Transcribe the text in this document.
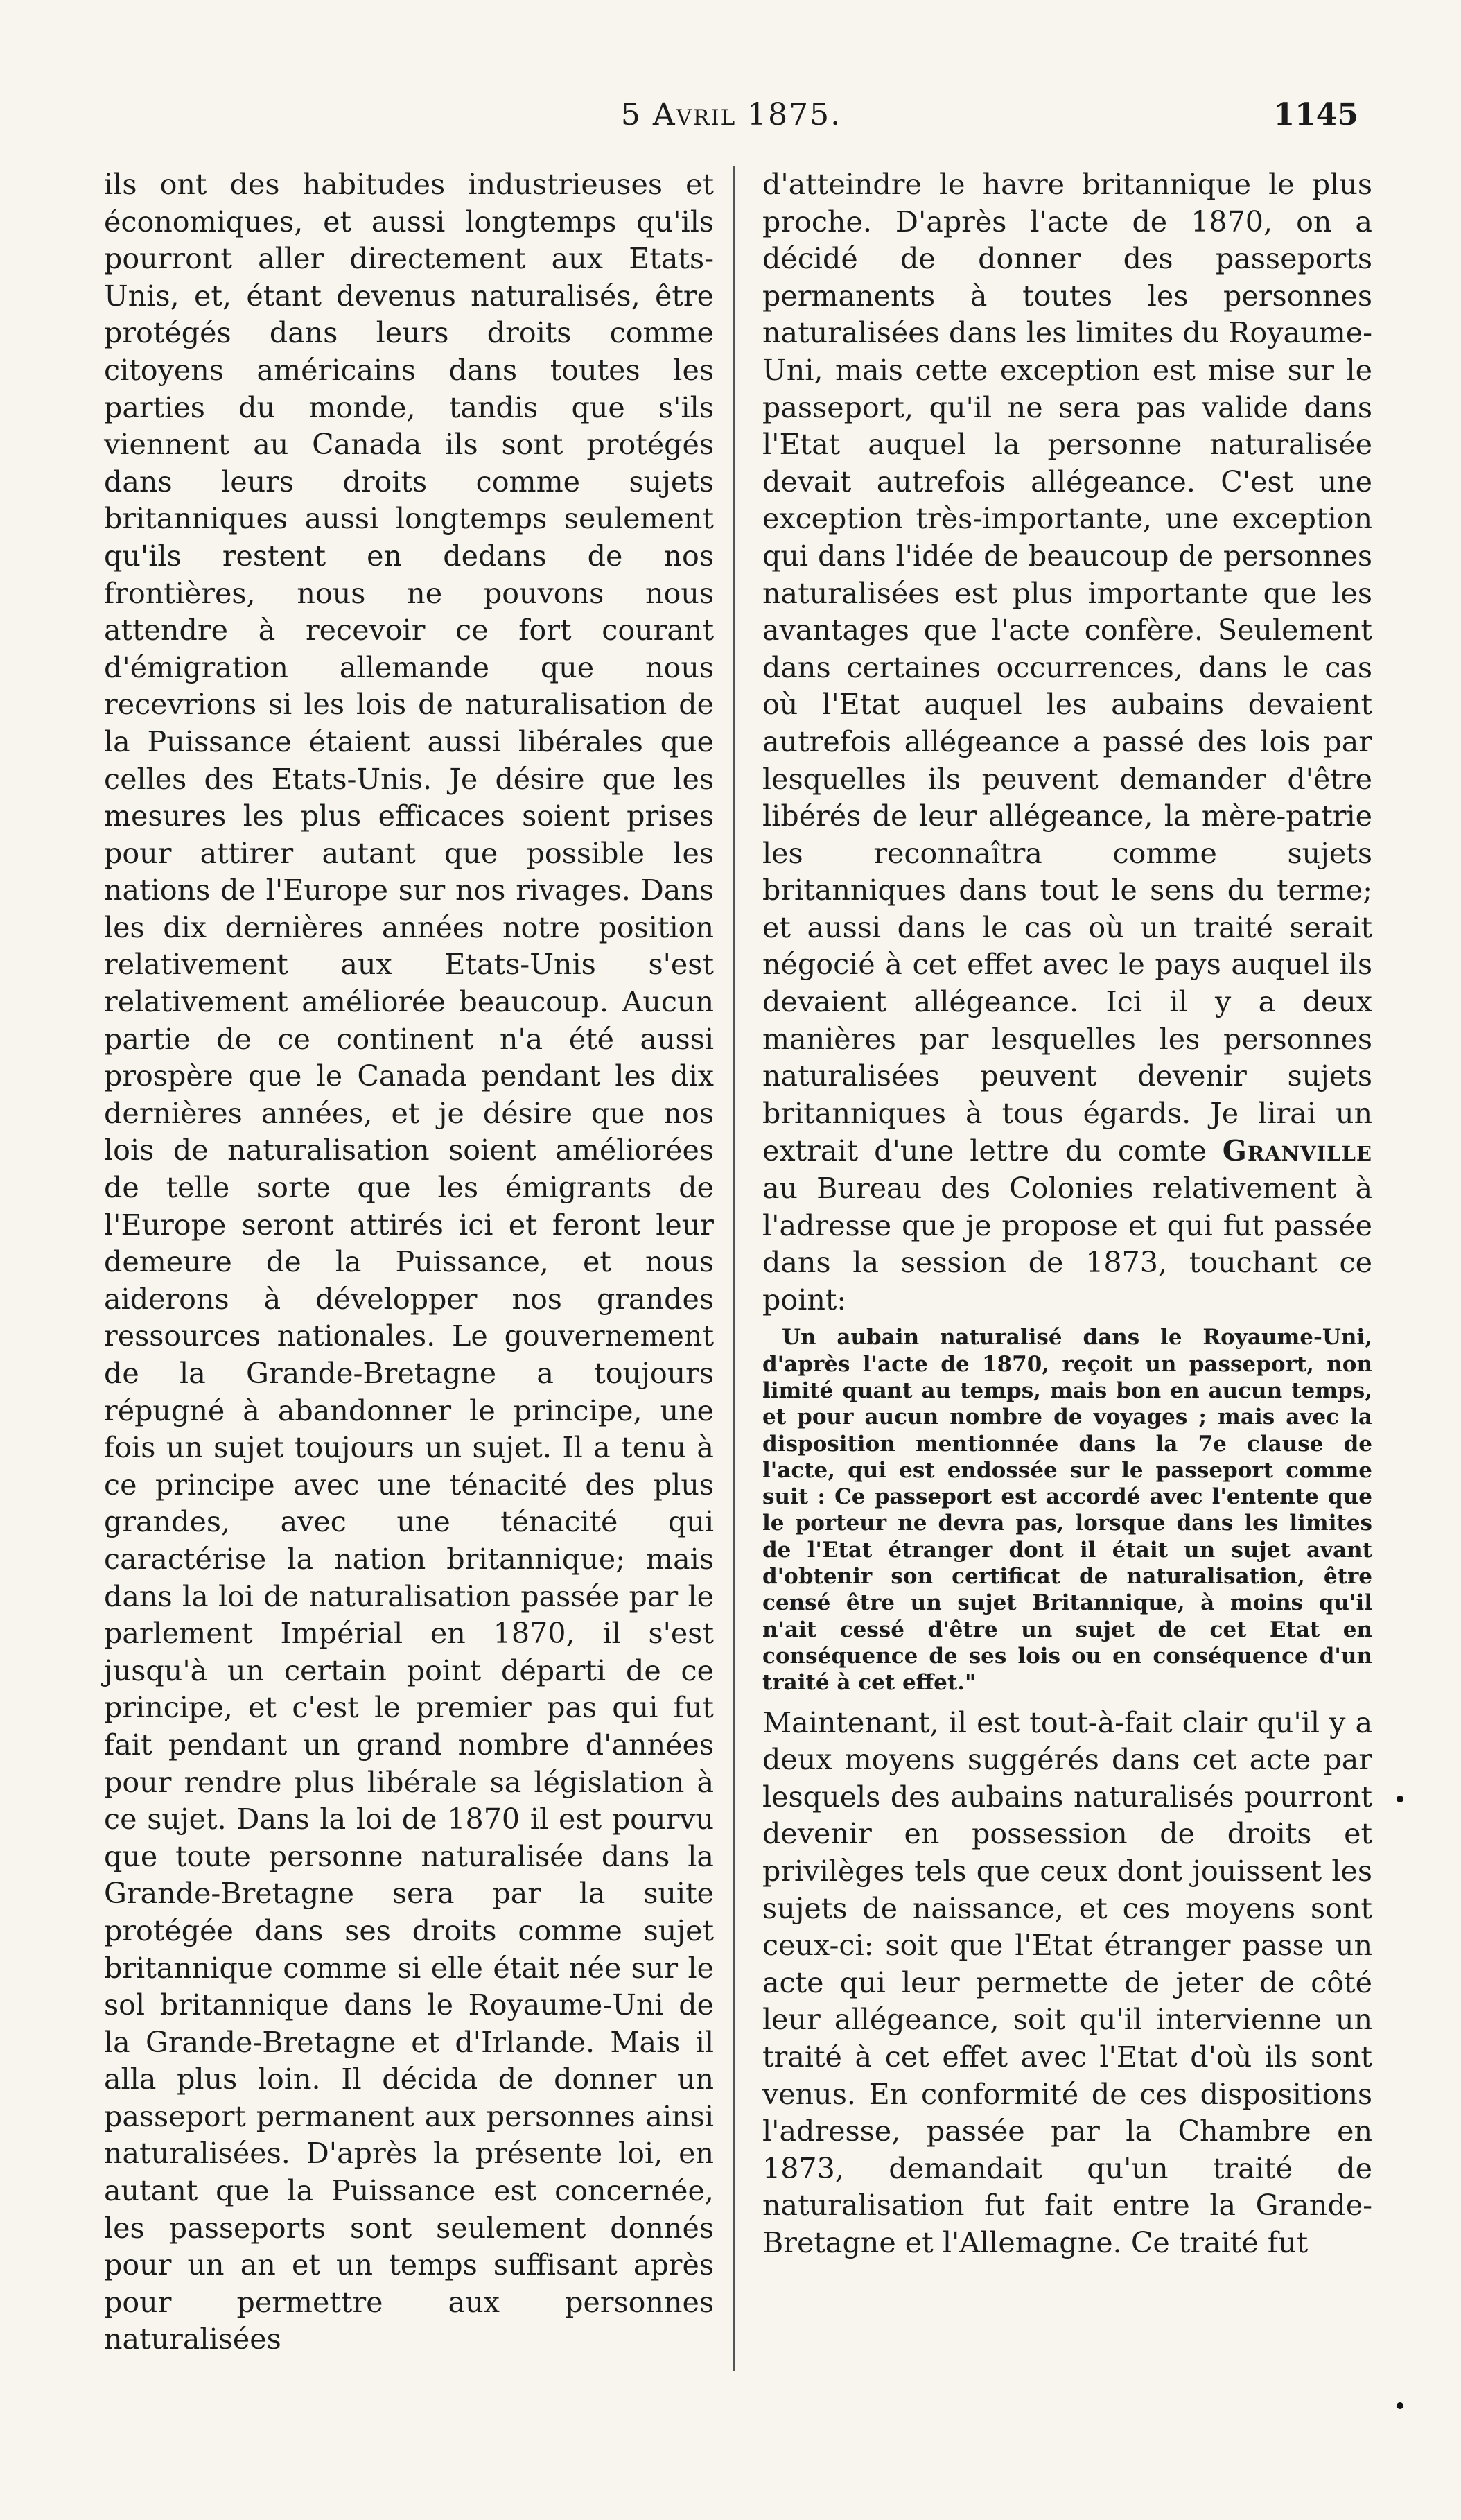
5 Avril 1875.	1145

ils ont des habitudes industrieuses et économiques, et aussi longtemps qu'ils pourront aller directement aux Etats-Unis, et, étant devenus naturalisés, être protégés dans leurs droits comme citoyens américains dans toutes les parties du monde, tandis que s'ils viennent au Canada ils sont protégés dans leurs droits comme sujets britanniques aussi longtemps seulement qu'ils restent en dedans de nos frontières, nous ne pouvons nous attendre à recevoir ce fort courant d'émigration allemande que nous recevrions si les lois de naturalisation de la Puissance étaient aussi libérales que celles des Etats-Unis. Je désire que les mesures les plus efficaces soient prises pour attirer autant que possible les nations de l'Europe sur nos rivages. Dans les dix dernières années notre position relativement aux Etats-Unis s'est relativement améliorée beaucoup. Aucun partie de ce continent n'a été aussi prospère que le Canada pendant les dix dernières années, et je désire que nos lois de naturalisation soient améliorées de telle sorte que les émigrants de l'Europe seront attirés ici et feront leur demeure de la Puissance, et nous aiderons à développer nos grandes ressources nationales. Le gouvernement de la Grande-Bretagne a toujours répugné à abandonner le principe, une fois un sujet toujours un sujet. Il a tenu à ce principe avec une ténacité des plus grandes, avec une ténacité qui caractérise la nation britannique; mais dans la loi de naturalisation passée par le parlement Impérial en 1870, il s'est jusqu'à un certain point départi de ce principe, et c'est le premier pas qui fut fait pendant un grand nombre d'années pour rendre plus libérale sa législation à ce sujet. Dans la loi de 1870 il est pourvu que toute personne naturalisée dans la Grande-Bretagne sera par la suite protégée dans ses droits comme sujet britannique comme si elle était née sur le sol britannique dans le Royaume-Uni de la Grande-Bretagne et d'Irlande. Mais il alla plus loin. Il décida de donner un passeport permanent aux personnes ainsi naturalisées. D'après la présente loi, en autant que la Puissance est concernée, les passeports sont seulement donnés pour un an et un temps suffisant après pour permettre aux personnes naturalisées

d'atteindre le havre britannique le plus proche. D'après l'acte de 1870, on a décidé de donner des passeports permanents à toutes les personnes naturalisées dans les limites du Royaume-Uni, mais cette exception est mise sur le passeport, qu'il ne sera pas valide dans l'Etat auquel la personne naturalisée devait autrefois allégeance. C'est une exception très-importante, une exception qui dans l'idée de beaucoup de personnes naturalisées est plus importante que les avantages que l'acte confère. Seulement dans certaines occurrences, dans le cas où l'Etat auquel les aubains devaient autrefois allégeance a passé des lois par lesquelles ils peuvent demander d'être libérés de leur allégeance, la mère-patrie les reconnaîtra comme sujets britanniques dans tout le sens du terme; et aussi dans le cas où un traité serait négocié à cet effet avec le pays auquel ils devaient allégeance. Ici il y a deux manières par lesquelles les personnes naturalisées peuvent devenir sujets britanniques à tous égards. Je lirai un extrait d'une lettre du comte Granville au Bureau des Colonies relativement à l'adresse que je propose et qui fut passée dans la session de 1873, touchant ce point:

Un aubain naturalisé dans le Royaume-Uni, d'après l'acte de 1870, reçoit un passeport, non limité quant au temps, mais bon en aucun temps, et pour aucun nombre de voyages ; mais avec la disposition mentionnée dans la 7e clause de l'acte, qui est endossée sur le passeport comme suit : Ce passeport est accordé avec l'entente que le porteur ne devra pas, lorsque dans les limites de l'Etat étranger dont il était un sujet avant d'obtenir son certificat de naturalisation, être censé être un sujet Britannique, à moins qu'il n'ait cessé d'être un sujet de cet Etat en conséquence de ses lois ou en conséquence d'un traité à cet effet."

Maintenant, il est tout-à-fait clair qu'il y a deux moyens suggérés dans cet acte par lesquels des aubains naturalisés pourront devenir en possession de droits et privilèges tels que ceux dont jouissent les sujets de naissance, et ces moyens sont ceux-ci: soit que l'Etat étranger passe un acte qui leur permette de jeter de côté leur allégeance, soit qu'il intervienne un traité à cet effet avec l'Etat d'où ils sont venus. En conformité de ces dispositions l'adresse, passée par la Chambre en 1873, demandait qu'un traité de naturalisation fut fait entre la Grande-Bretagne et l'Allemagne. Ce traité fut
